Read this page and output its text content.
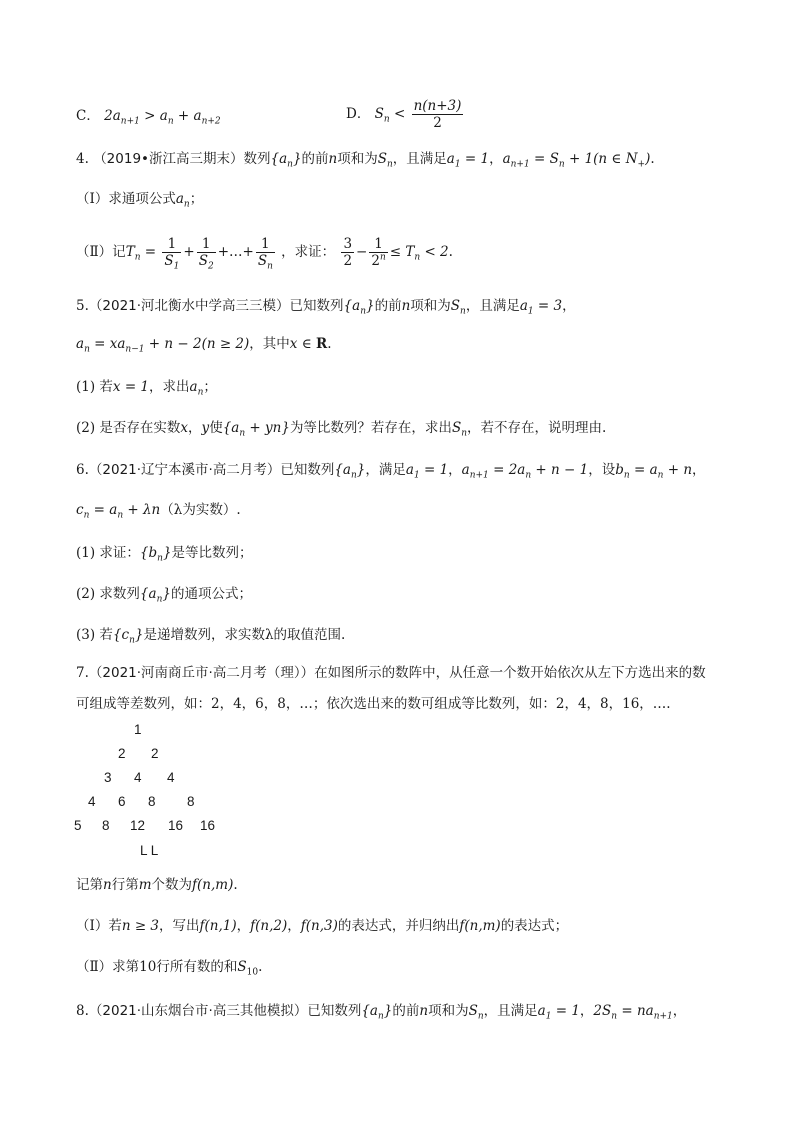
C． $2a_{n+1} > a_n + a_{n+2}$	D． $S_n < \frac{n(n+3)}{2}$
4. （2019•浙江高三期末）数列$\{a_n\}$的前n项和为$S_n$，且满足$a_1 = 1$，$a_{n+1} = S_n + 1(n$ ∈ $N_+$).
（Ⅰ）求通项公式$a_n$；
（Ⅱ）记$T_n = \frac{1}{S_1} + \frac{1}{S_2}$ +…+ $\frac{1}{S_n}$ ，求证： $\frac{3}{2} - \frac{1}{2^n} \le T_n < 2$.
5.（2021·河北衡水中学高三三模）已知数列$\{a_n\}$的前n项和为$S_n$，且满足$a_1 = 3$，
$a_n = xa_{n-1} + n - 2(n \ge 2)$，其中x ∈ R.
(1) 若x = 1，求出$a_n$；
(2) 是否存在实数x，y使$\{a_n + yn\}$为等比数列？若存在，求出$S_n$，若不存在，说明理由.
6.（2021·辽宁本溪市·高二月考）已知数列$\{a_n\}$，满足$a_1 = 1$，$a_{n+1} = 2a_n + n - 1$，设$b_n = a_n + n$，
$c_n = a_n + \lambda n(\lambda$为实数）.
(1) 求证：$\{b_n\}$是等比数列；
(2) 求数列$\{a_n\}$的通项公式；
(3) 若$\{c_n\}$是递增数列，求实数λ的取值范围.
7.（2021·河南商丘市·高二月考（理））在如图所示的数阵中，从任意一个数开始依次从左下方选出来的数
可组成等差数列，如：2，4，6，8，…；依次选出来的数可组成等比数列，如：2，4，8，16，….
1
2 2
3 4 4
4 6 8 8
5 8 12 16 16
L L
记第n行第m个数为f(n,m).
（Ⅰ）若n ≥ 3，写出f(n,1)，f(n,2)，f(n,3)的表达式，并归纳出f(n,m)的表达式；
（Ⅱ）求第10行所有数的和$S_{10}$.
8.（2021·山东烟台市·高三其他模拟）已知数列$\{a_n\}$的前n项和为$S_n$，且满足$a_1 = 1$，$2S_n = na_{n+1}$，
